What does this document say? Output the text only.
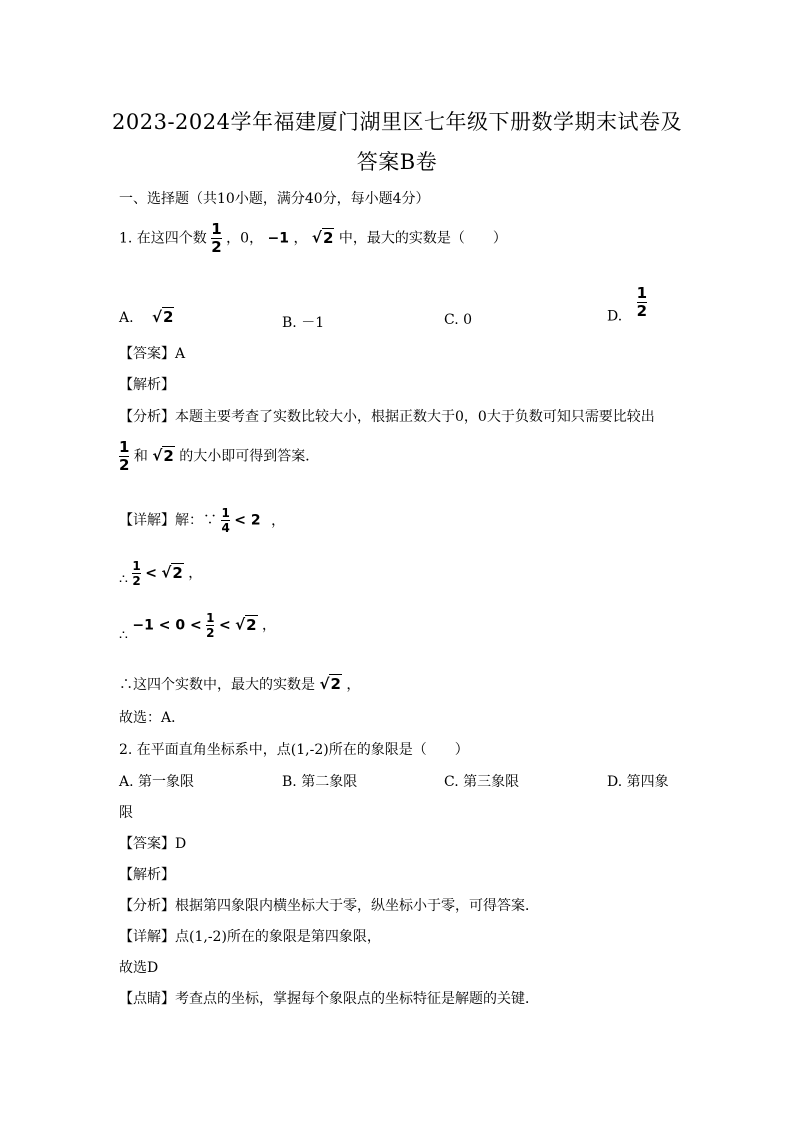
2023-2024学年福建厦门湖里区七年级下册数学期末试卷及
答案B卷
一、选择题（共10小题，满分40分，每小题4分）
1. 在这四个数 $\frac{1}{2}$ ，0， −1 ， √2 中，最大的实数是（　　）
A. √2	B. －1	C. 0	D. $\frac{1}{2}$
【答案】A
【解析】
【分析】本题主要考查了实数比较大小，根据正数大于0，0大于负数可知只需要比较出
$\frac{1}{2}$ 和 √2 的大小即可得到答案．
【详解】解：∵ $\frac{1}{4} < 2$ ，
∴ $\frac{1}{2} < √2$ ，
∴ $-1 < 0 < \frac{1}{2} < √2$ ，
∴这四个实数中，最大的实数是 √2 ，
故选：A．
2. 在平面直角坐标系中，点(1,-2)所在的象限是（　　）
A. 第一象限	B. 第二象限	C. 第三象限	D. 第四象
限
【答案】D
【解析】
【分析】根据第四象限内横坐标大于零，纵坐标小于零，可得答案．
【详解】点(1,-2)所在的象限是第四象限，
故选D
【点睛】考查点的坐标，掌握每个象限点的坐标特征是解题的关键．
